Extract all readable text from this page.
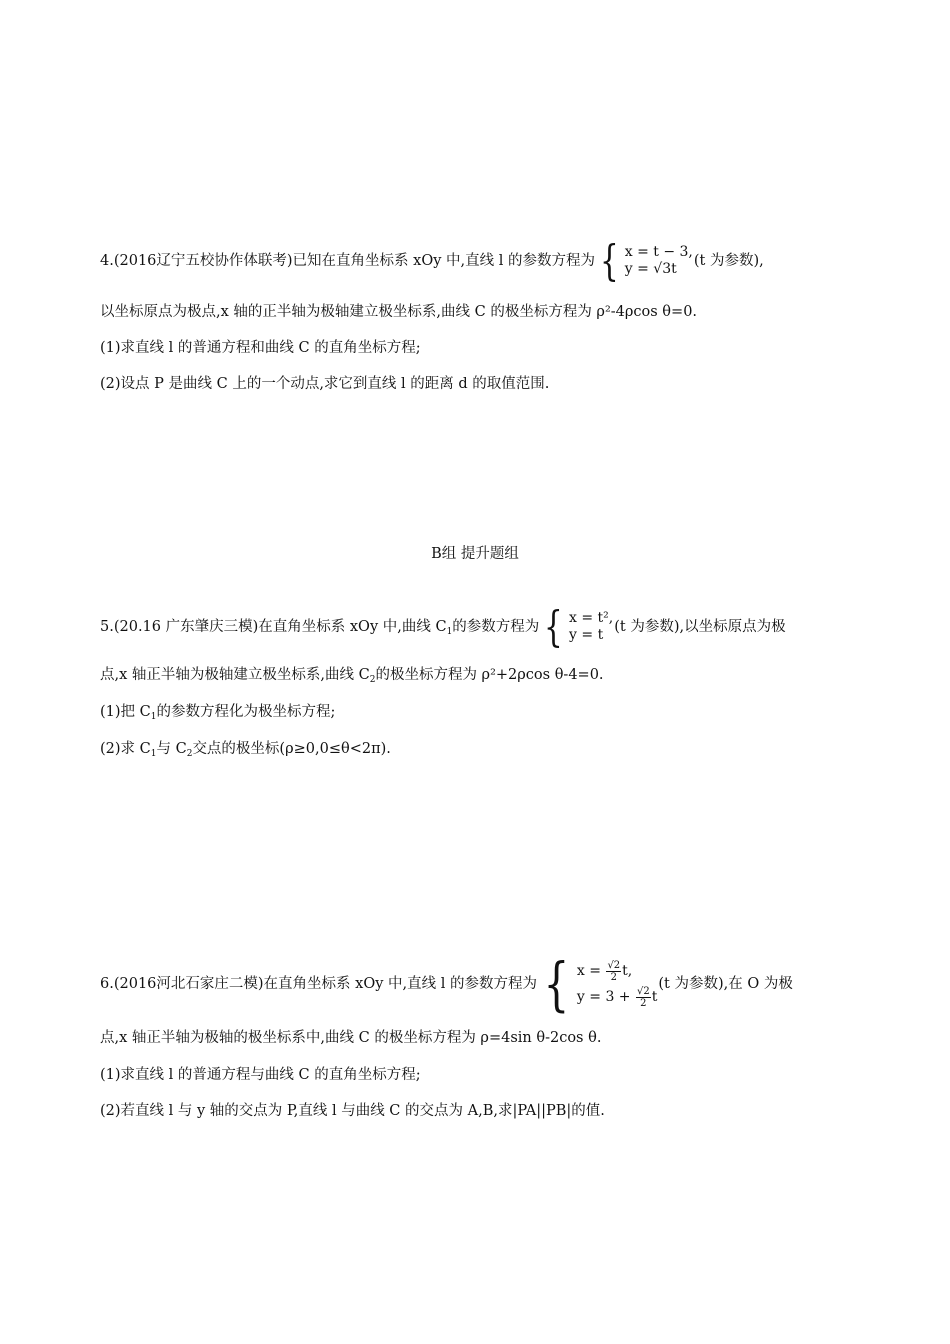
4.(2016辽宁五校协作体联考)已知在直角坐标系 xOy 中,直线 l 的参数方程为 { x = t − 3,
y = √3t	(t 为参数),
以坐标原点为极点,x 轴的正半轴为极轴建立极坐标系,曲线 C 的极坐标方程为 ρ²-4ρcos θ=0.
(1)求直线 l 的普通方程和曲线 C 的直角坐标方程;
(2)设点 P 是曲线 C 上的一个动点,求它到直线 l 的距离 d 的取值范围.
B组 提升题组
5.(20.16 广东肇庆三模)在直角坐标系 xOy 中,曲线 $C_1$的参数方程为 { x = t²,
y = t (t 为参数),以坐标原点为极
点,x 轴正半轴为极轴建立极坐标系,曲线 $C_2$的极坐标方程为 ρ²+2ρcos θ-4=0.
(1)把 $C_1$的参数方程化为极坐标方程;
(2)求 $C_1$与 $C_2$交点的极坐标(ρ≥0,0≤θ<2π).
6.(2016河北石家庄二模)在直角坐标系 xOy 中,直线 l 的参数方程为 { $x = \frac{√2}{2} t$,
$y = 3 + \frac{√2}{2}$ t
(t 为参数),在 O 为极
点,x 轴正半轴为极轴的极坐标系中,曲线 C 的极坐标方程为 ρ=4sin θ-2cos θ.
(1)求直线 l 的普通方程与曲线 C 的直角坐标方程;
(2)若直线 l 与 y 轴的交点为 P,直线 l 与曲线 C 的交点为 A,B,求|PA||PB|的值.
